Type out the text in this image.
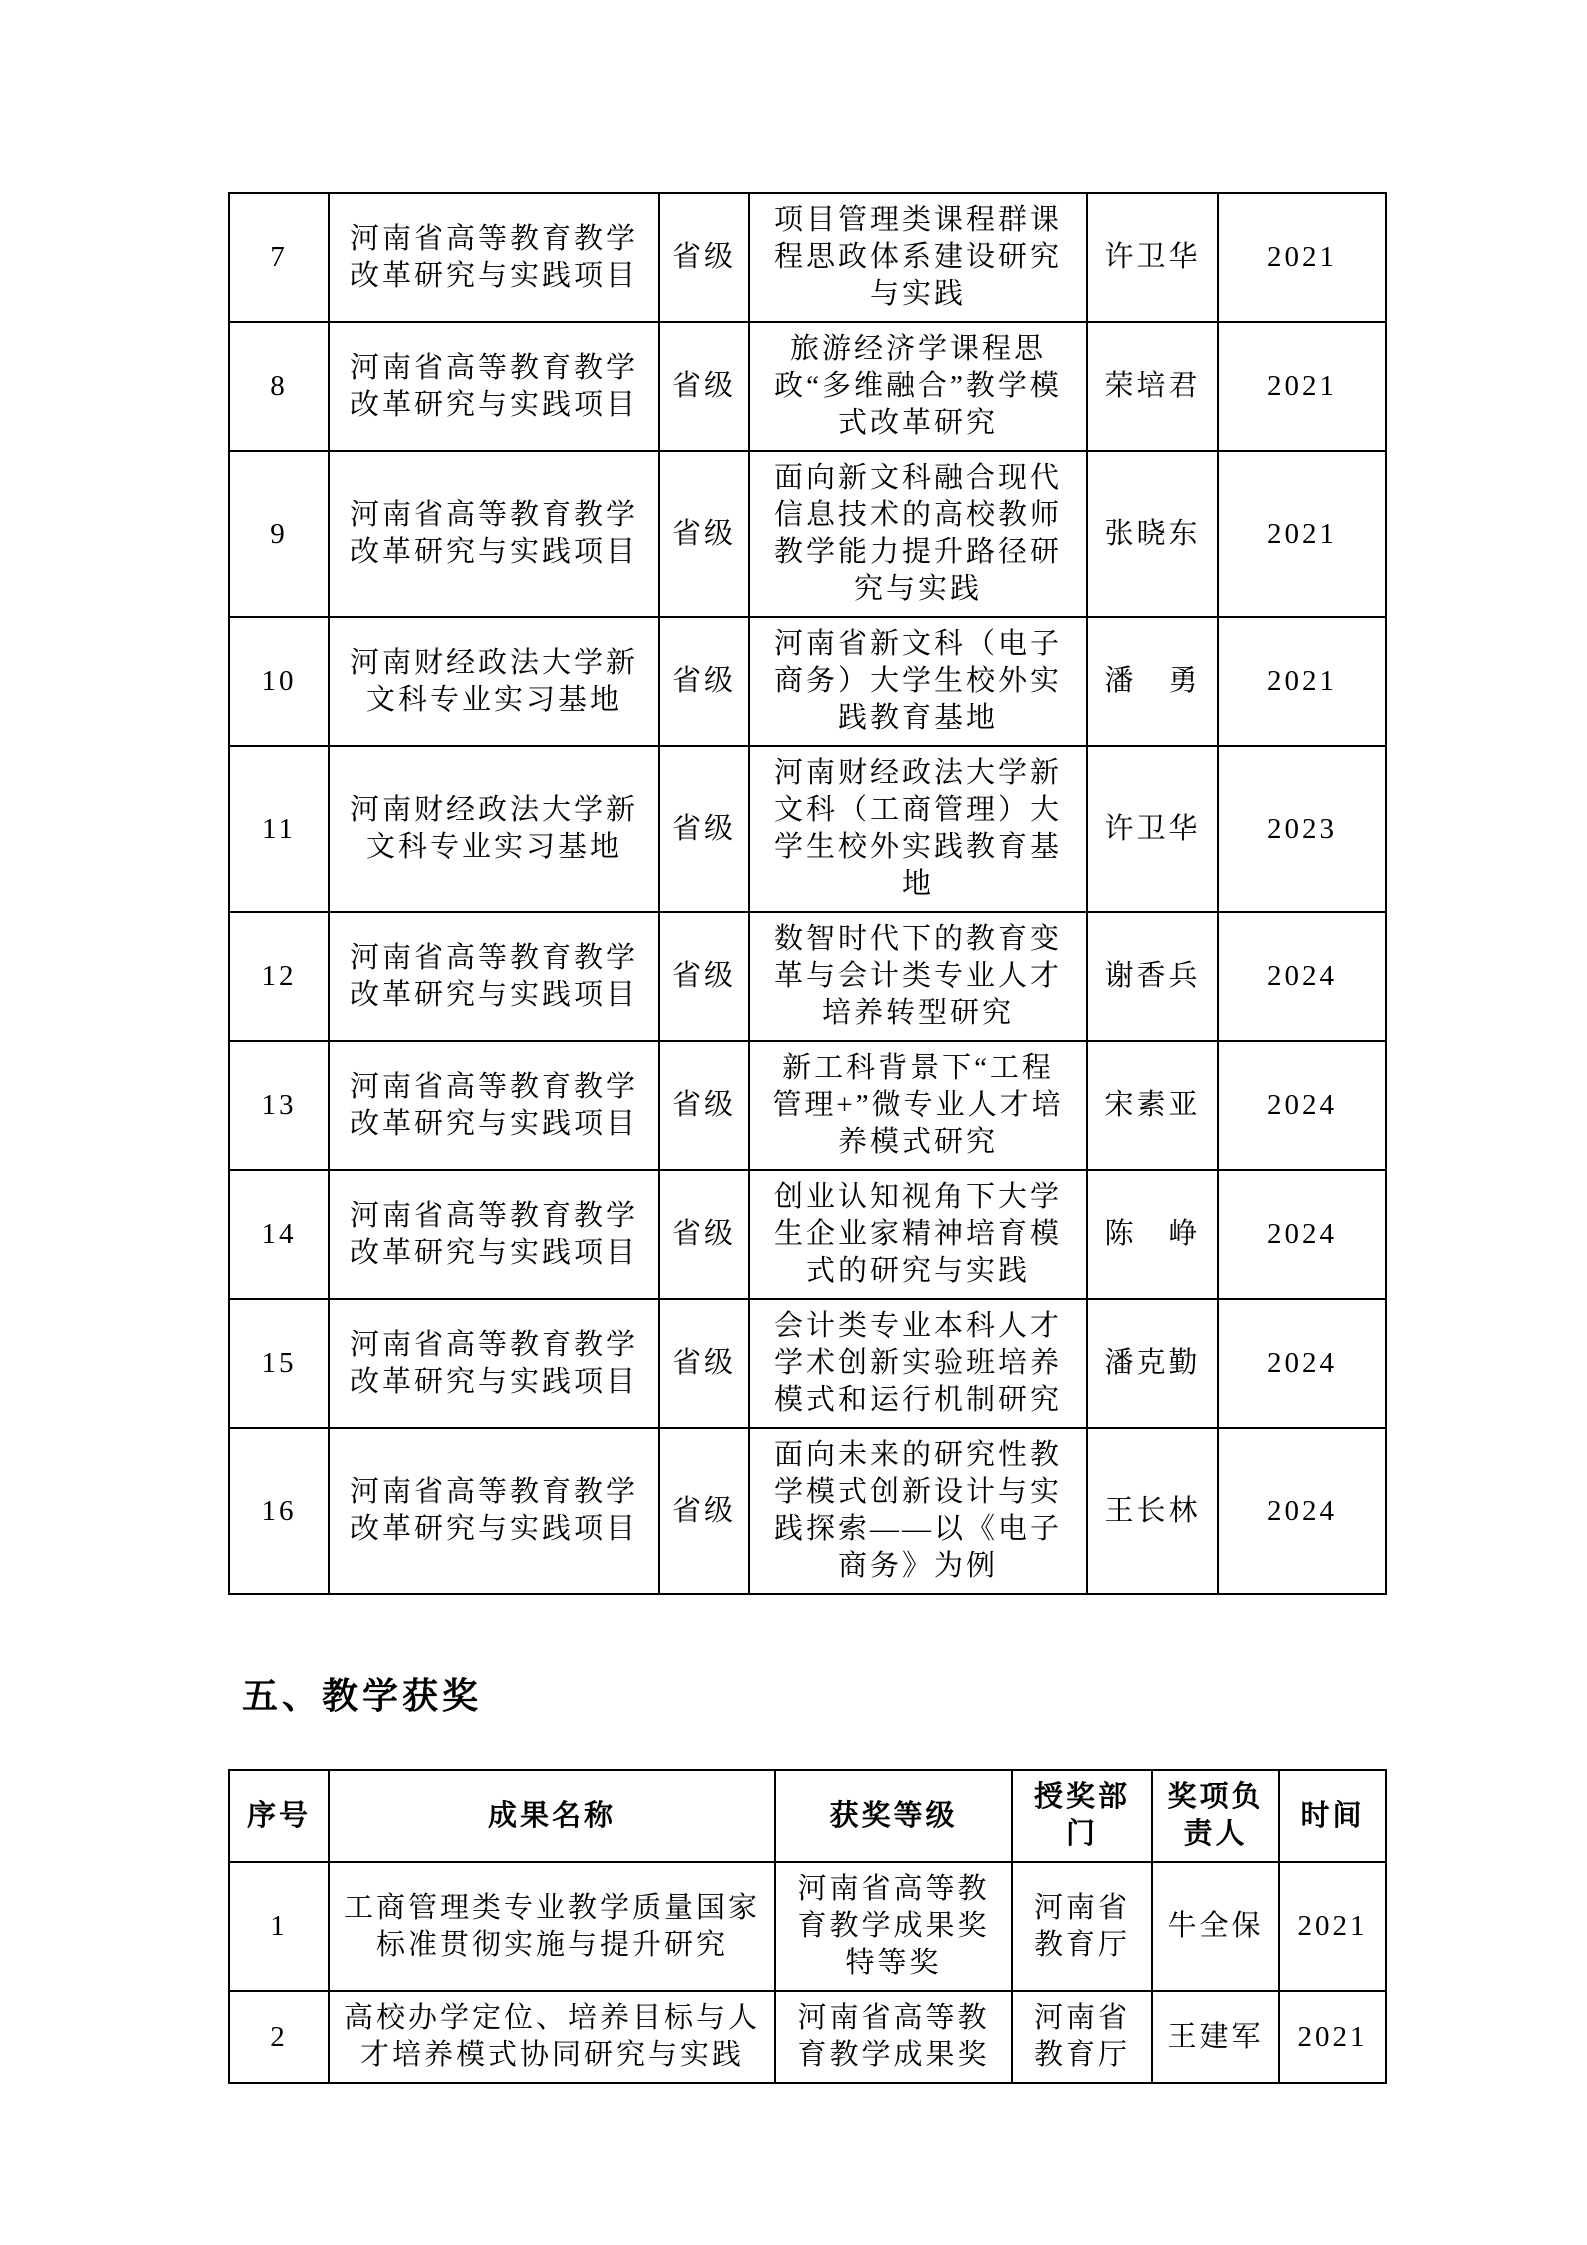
7	河南省高等教育教学改革研究与实践项目	省级	项目管理类课程群课程思政体系建设研究与实践	许卫华	2021
8	河南省高等教育教学改革研究与实践项目	省级	旅游经济学课程思政“多维融合”教学模式改革研究	荣培君	2021
9	河南省高等教育教学改革研究与实践项目	省级	面向新文科融合现代信息技术的高校教师教学能力提升路径研究与实践	张晓东	2021
10	河南财经政法大学新文科专业实习基地	省级	河南省新文科（电子商务）大学生校外实践教育基地	潘　勇	2021
11	河南财经政法大学新文科专业实习基地	省级	河南财经政法大学新文科（工商管理）大学生校外实践教育基地	许卫华	2023
12	河南省高等教育教学改革研究与实践项目	省级	数智时代下的教育变革与会计类专业人才培养转型研究	谢香兵	2024
13	河南省高等教育教学改革研究与实践项目	省级	新工科背景下“工程管理+”微专业人才培养模式研究	宋素亚	2024
14	河南省高等教育教学改革研究与实践项目	省级	创业认知视角下大学生企业家精神培育模式的研究与实践	陈　峥	2024
15	河南省高等教育教学改革研究与实践项目	省级	会计类专业本科人才学术创新实验班培养模式和运行机制研究	潘克勤	2024
16	河南省高等教育教学改革研究与实践项目	省级	面向未来的研究性教学模式创新设计与实践探索——以《电子商务》为例	王长林	2024
五、教学获奖
序号	成果名称	获奖等级	授奖部门	奖项负责人	时间
1	工商管理类专业教学质量国家标准贯彻实施与提升研究	河南省高等教育教学成果奖特等奖	河南省教育厅	牛全保	2021
2	高校办学定位、培养目标与人才培养模式协同研究与实践	河南省高等教育教学成果奖	河南省教育厅	王建军	2021
